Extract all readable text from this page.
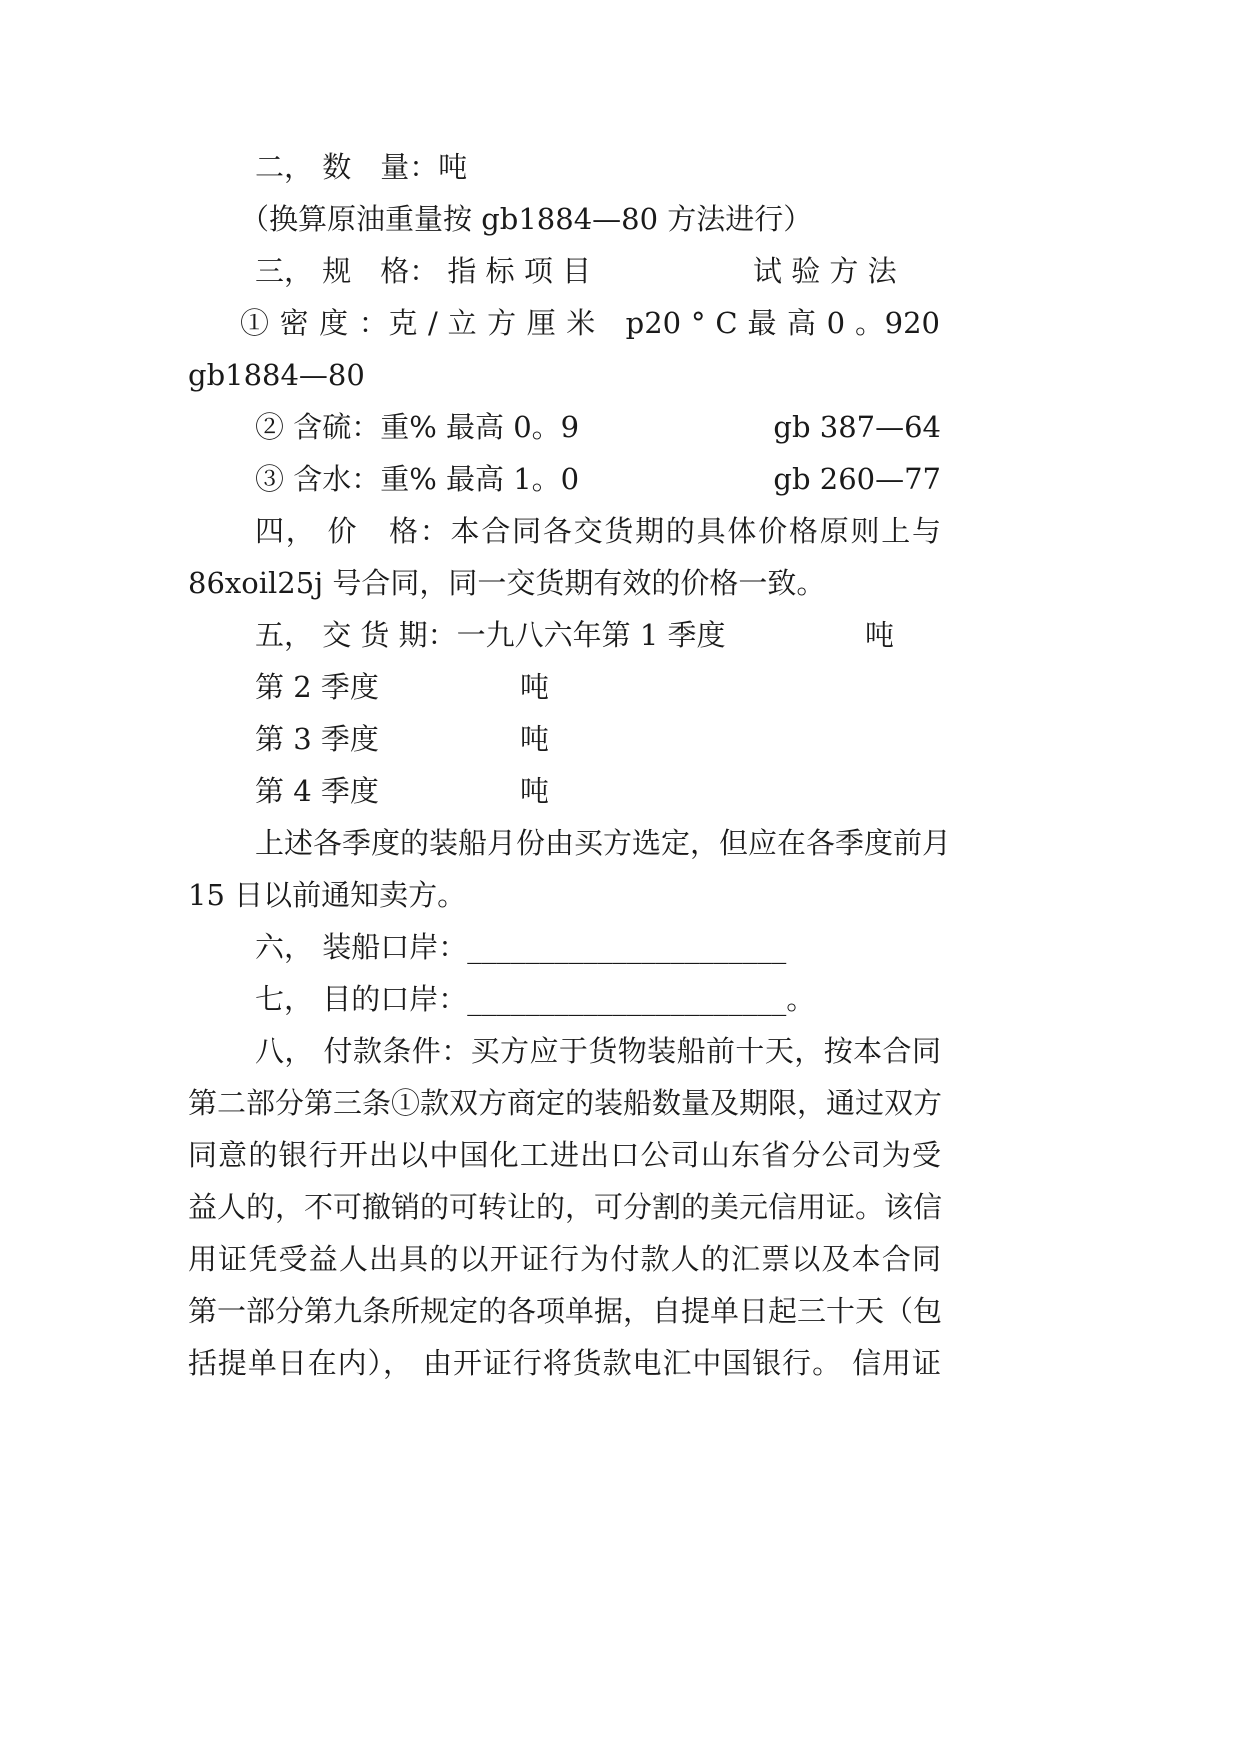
二， 数　量：吨
（换算原油重量按 gb1884—80 方法进行）
三， 规　格： 指 标 项 目	试 验 方 法
① 密 度 ：克 / 立 方 厘 米　p20 ° C 最 高 0 。920
gb1884—80
② 含硫：重% 最高 0。9	gb 387—64
③ 含水：重% 最高 1。0	gb 260—77
四， 价　格：本合同各交货期的具体价格原则上与
86xoil25j 号合同，同一交货期有效的价格一致。
五， 交 货 期：一九八六年第 1 季度	吨
第 2 季度	吨
第 3 季度	吨
第 4 季度	吨
上述各季度的装船月份由买方选定，但应在各季度前月
15 日以前通知卖方。
六， 装船口岸：______________________
七， 目的口岸：______________________。
八， 付款条件：买方应于货物装船前十天，按本合同
第二部分第三条①款双方商定的装船数量及期限，通过双方
同意的银行开出以中国化工进出口公司山东省分公司为受
益人的，不可撤销的可转让的，可分割的美元信用证。该信
用证凭受益人出具的以开证行为付款人的汇票以及本合同
第一部分第九条所规定的各项单据，自提单日起三十天（包
括提单日在内）， 由开证行将货款电汇中国银行。 信用证
